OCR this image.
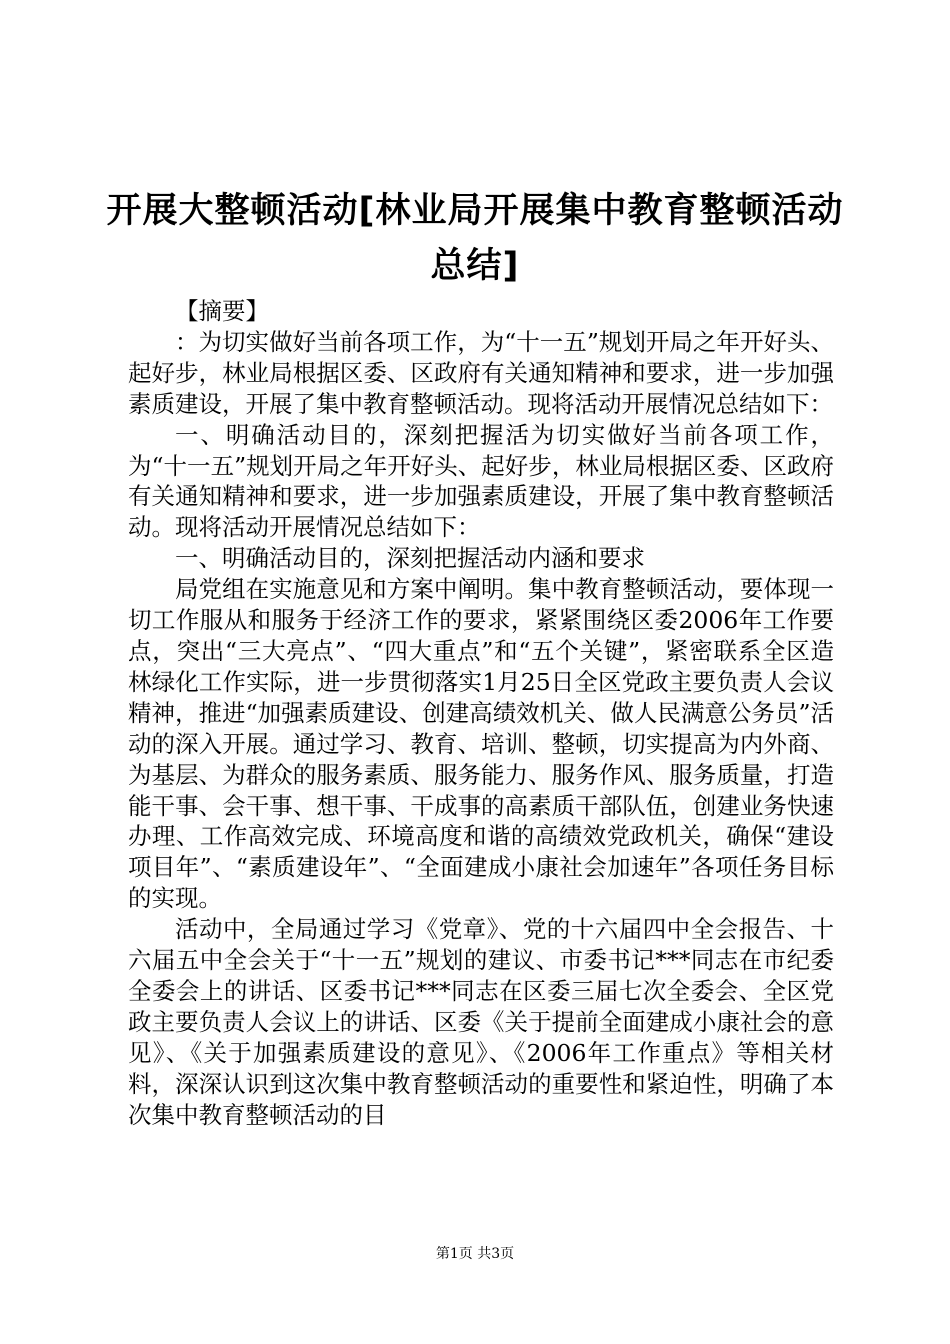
开展大整顿活动[林业局开展集中教育整顿活动总结]
【摘要】

：为切实做好当前各项工作，为“十一五”规划开局之年开好头、起好步，林业局根据区委、区政府有关通知精神和要求，进一步加强素质建设，开展了集中教育整顿活动。现将活动开展情况总结如下：

一、明确活动目的，深刻把握活为切实做好当前各项工作，为“十一五”规划开局之年开好头、起好步，林业局根据区委、区政府有关通知精神和要求，进一步加强素质建设，开展了集中教育整顿活动。现将活动开展情况总结如下：

一、明确活动目的，深刻把握活动内涵和要求

局党组在实施意见和方案中阐明。集中教育整顿活动，要体现一切工作服从和服务于经济工作的要求，紧紧围绕区委2006年工作要点，突出“三大亮点”、“四大重点”和“五个关键”，紧密联系全区造林绿化工作实际，进一步贯彻落实1月25日全区党政主要负责人会议精神，推进“加强素质建设、创建高绩效机关、做人民满意公务员”活动的深入开展。通过学习、教育、培训、整顿，切实提高为内外商、为基层、为群众的服务素质、服务能力、服务作风、服务质量，打造能干事、会干事、想干事、干成事的高素质干部队伍，创建业务快速办理、工作高效完成、环境高度和谐的高绩效党政机关，确保“建设项目年”、“素质建设年”、“全面建成小康社会加速年”各项任务目标的实现。

活动中，全局通过学习《党章》、党的十六届四中全会报告、十六届五中全会关于“十一五”规划的建议、市委书记***同志在市纪委全委会上的讲话、区委书记***同志在区委三届七次全委会、全区党政主要负责人会议上的讲话、区委《关于提前全面建成小康社会的意见》、《关于加强素质建设的意见》、《2006年工作重点》等相关材料，深深认识到这次集中教育整顿活动的重要性和紧迫性，明确了本次集中教育整顿活动的目

第1页 共3页
